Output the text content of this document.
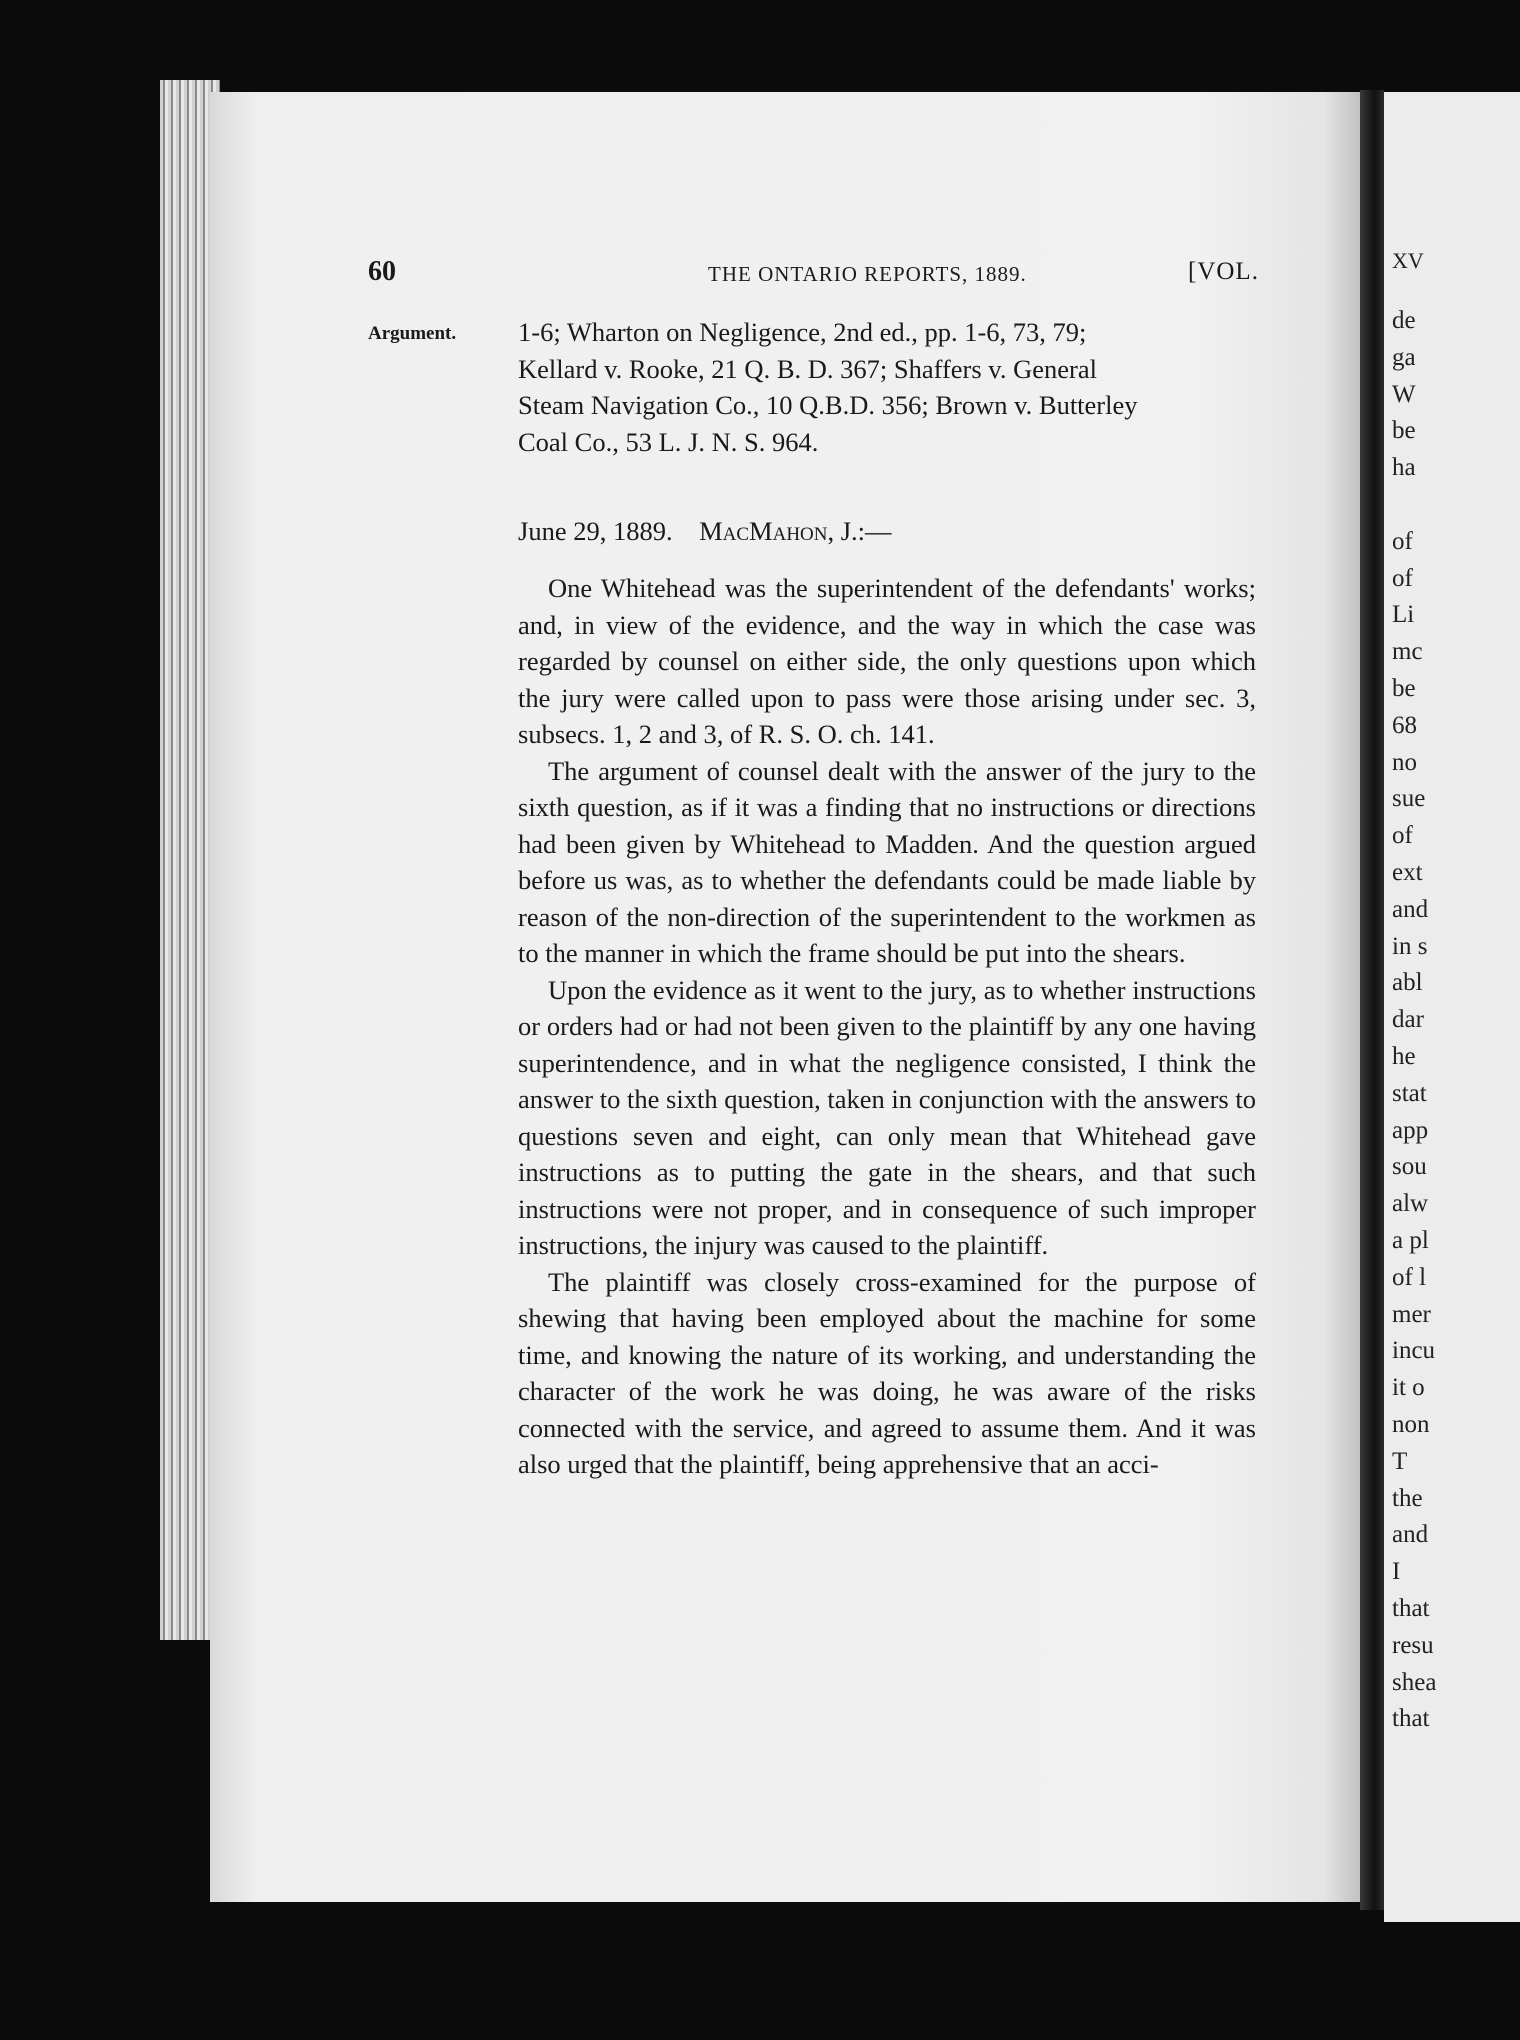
XV
de
ga
W
be
ha
of
of
Li
mc
be
68
no
sue
of
ext
and
in s
abl
dar
he
stat
app
sou
alw
a pl
of l
mer
incu
it o
non
T
the
and
I
that
resu
shea
that
60	THE ONTARIO REPORTS, 1889.	[VOL.
Argument. 1-6; Wharton on Negligence, 2nd ed., pp. 1-6, 73, 79;
Kellard v. Rooke, 21 Q. B. D. 367; Shaffers v. General
Steam Navigation Co., 10 Q.B.D. 356; Brown v. Butterley
Coal Co., 53 L. J. N. S. 964.
June 29, 1889. MacMahon, J.:—

One Whitehead was the superintendent of the defendants' works; and, in view of the evidence, and the way in which the case was regarded by counsel on either side, the only questions upon which the jury were called upon to pass were those arising under sec. 3, subsecs. 1, 2 and 3, of R. S. O. ch. 141.

The argument of counsel dealt with the answer of the jury to the sixth question, as if it was a finding that no instructions or directions had been given by Whitehead to Madden. And the question argued before us was, as to whether the defendants could be made liable by reason of the non-direction of the superintendent to the workmen as to the manner in which the frame should be put into the shears.

Upon the evidence as it went to the jury, as to whether instructions or orders had or had not been given to the plaintiff by any one having superintendence, and in what the negligence consisted, I think the answer to the sixth question, taken in conjunction with the answers to questions seven and eight, can only mean that Whitehead gave instructions as to putting the gate in the shears, and that such instructions were not proper, and in consequence of such improper instructions, the injury was caused to the plaintiff.

The plaintiff was closely cross-examined for the purpose of shewing that having been employed about the machine for some time, and knowing the nature of its working, and understanding the character of the work he was doing, he was aware of the risks connected with the service, and agreed to assume them. And it was also urged that the plaintiff, being apprehensive that an acci-
